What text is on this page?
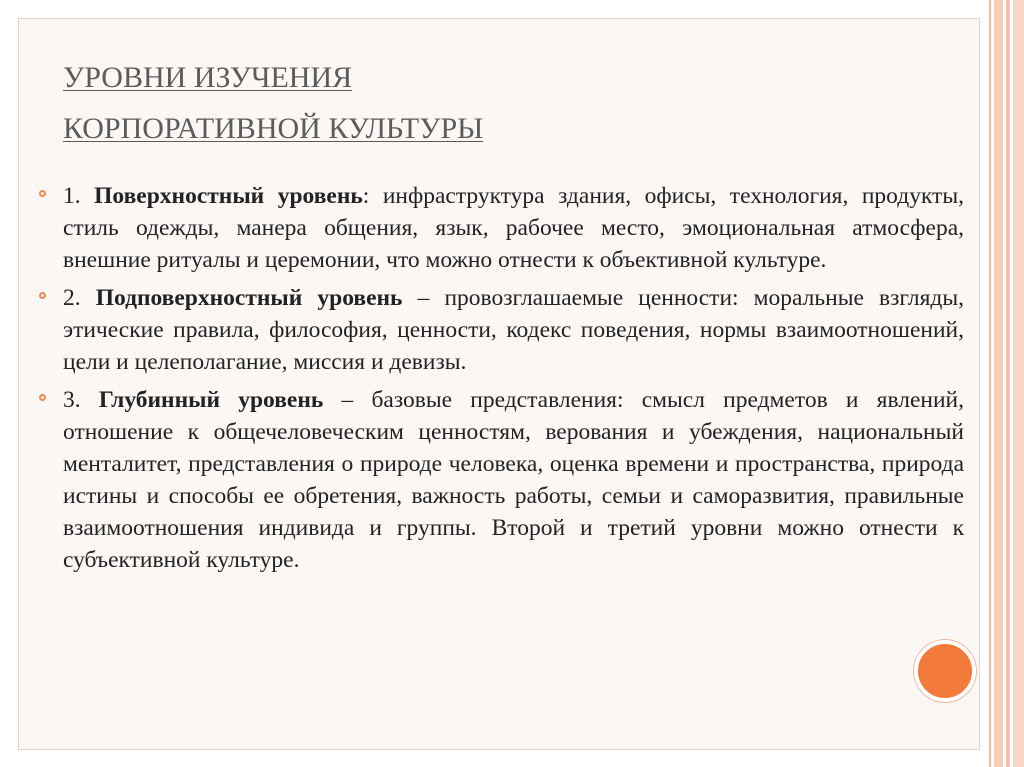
УРОВНИ ИЗУЧЕНИЯ
КОРПОРАТИВНОЙ КУЛЬТУРЫ
1. Поверхностный уровень: инфраструктура здания, офисы, технология, продукты, стиль одежды, манера общения, язык, рабочее место, эмоциональная атмосфера, внешние ритуалы и церемонии, что можно отнести к объективной культуре.
2. Подповерхностный уровень – провозглашаемые ценности: моральные взгляды, этические правила, философия, ценности, кодекс поведения, нормы взаимоотношений, цели и целеполагание, миссия и девизы.
3. Глубинный уровень – базовые представления: смысл предметов и явлений, отношение к общечеловеческим ценностям, верования и убеждения, национальный менталитет, представления о природе человека, оценка времени и пространства, природа истины и способы ее обретения, важность работы, семьи и саморазвития, правильные взаимоотношения индивида и группы. Второй и третий уровни можно отнести к субъективной культуре.
